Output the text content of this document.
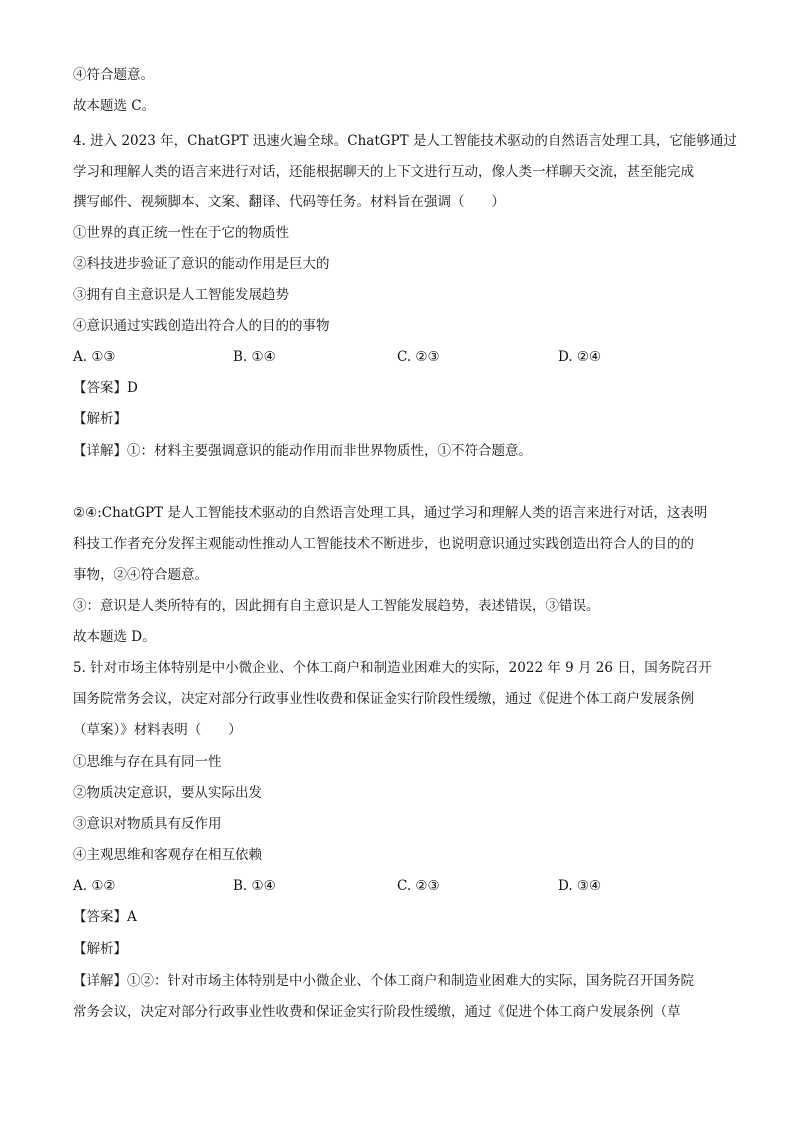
④符合题意。
故本题选 C。
4. 进入 2023 年，ChatGPT 迅速火遍全球。ChatGPT 是人工智能技术驱动的自然语言处理工具，它能够通过
学习和理解人类的语言来进行对话，还能根据聊天的上下文进行互动，像人类一样聊天交流，甚至能完成
撰写邮件、视频脚本、文案、翻译、代码等任务。材料旨在强调（　　）
①世界的真正统一性在于它的物质性
②科技进步验证了意识的能动作用是巨大的
③拥有自主意识是人工智能发展趋势
④意识通过实践创造出符合人的目的的事物
A. ①③	B. ①④	C. ②③	D. ②④
【答案】D
【解析】
【详解】①：材料主要强调意识的能动作用而非世界物质性，①不符合题意。
②④:ChatGPT 是人工智能技术驱动的自然语言处理工具，通过学习和理解人类的语言来进行对话，这表明
科技工作者充分发挥主观能动性推动人工智能技术不断进步，也说明意识通过实践创造出符合人的目的的
事物，②④符合题意。
③：意识是人类所特有的，因此拥有自主意识是人工智能发展趋势，表述错误，③错误。
故本题选 D。
5. 针对市场主体特别是中小微企业、个体工商户和制造业困难大的实际，2022 年 9 月 26 日，国务院召开
国务院常务会议，决定对部分行政事业性收费和保证金实行阶段性缓缴，通过《促进个体工商户发展条例
（草案）》材料表明（　　）
①思维与存在具有同一性
②物质决定意识，要从实际出发
③意识对物质具有反作用
④主观思维和客观存在相互依赖
A. ①②	B. ①④	C. ②③	D. ③④
【答案】A
【解析】
【详解】①②：针对市场主体特别是中小微企业、个体工商户和制造业困难大的实际，国务院召开国务院
常务会议，决定对部分行政事业性收费和保证金实行阶段性缓缴，通过《促进个体工商户发展条例（草
